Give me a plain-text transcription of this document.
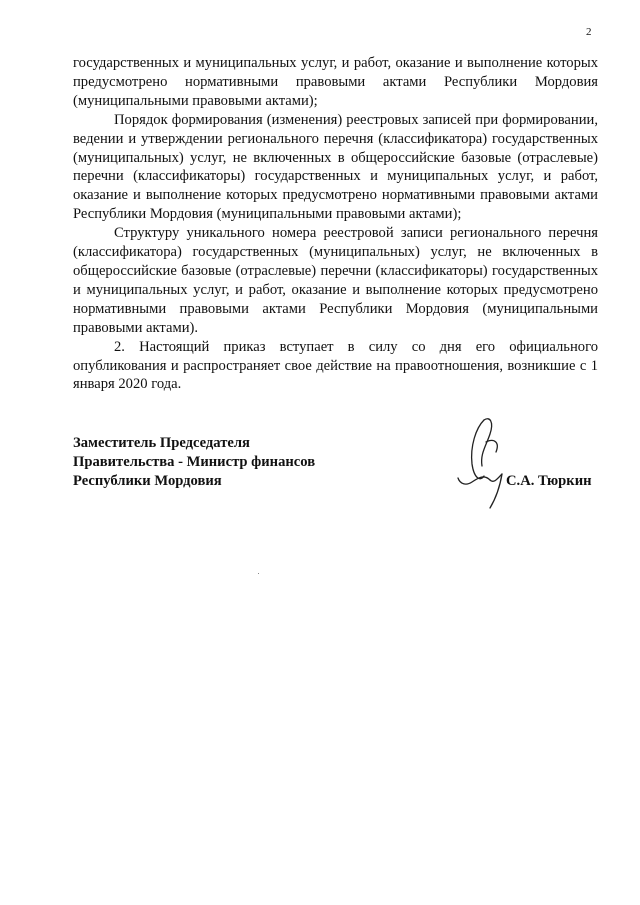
2

государственных и муниципальных услуг, и работ, оказание и выполнение которых предусмотрено нормативными правовыми актами Республики Мордовия (муниципальными правовыми актами);

Порядок формирования (изменения) реестровых записей при формировании, ведении и утверждении регионального перечня (классификатора) государственных (муниципальных) услуг, не включенных в общероссийские базовые (отраслевые) перечни (классификаторы) государственных и муниципальных услуг, и работ, оказание и выполнение которых предусмотрено нормативными правовыми актами Республики Мордовия (муниципальными правовыми актами);

Структуру уникального номера реестровой записи регионального перечня (классификатора) государственных (муниципальных) услуг, не включенных в общероссийские базовые (отраслевые) перечни (классификаторы) государственных и муниципальных услуг, и работ, оказание и выполнение которых предусмотрено нормативными правовыми актами Республики Мордовия (муниципальными правовыми актами).

2. Настоящий приказ вступает в силу со дня его официального опубликования и распространяет свое действие на правоотношения, возникшие с 1 января 2020 года.

Заместитель Председателя
Правительства - Министр финансов
Республики Мордовия	С.А. Тюркин
